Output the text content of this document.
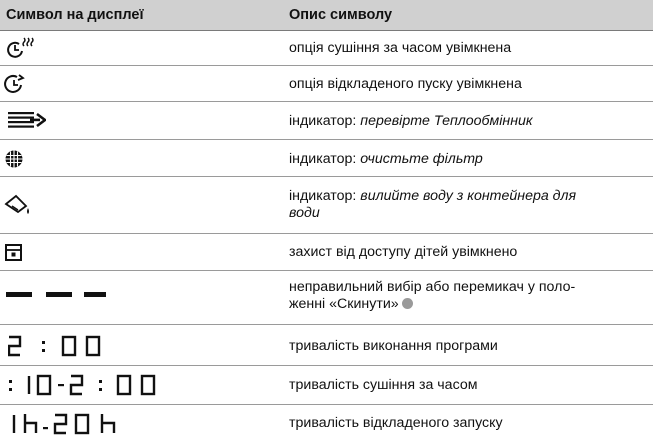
Символ на дисплеї	Опис символу
опція сушіння за часом увімкнена
опція відкладеного пуску увімкнена
індикатор: перевірте Теплообмінник
індикатор: очистьте фільтр
індикатор: вилийте воду з контейнера для
води
захист від доступу дітей увімкнено
неправильний вибір або перемикач у поло-
женні «Скинути»
тривалість виконання програми
тривалість сушіння за часом
тривалість відкладеного запуску
